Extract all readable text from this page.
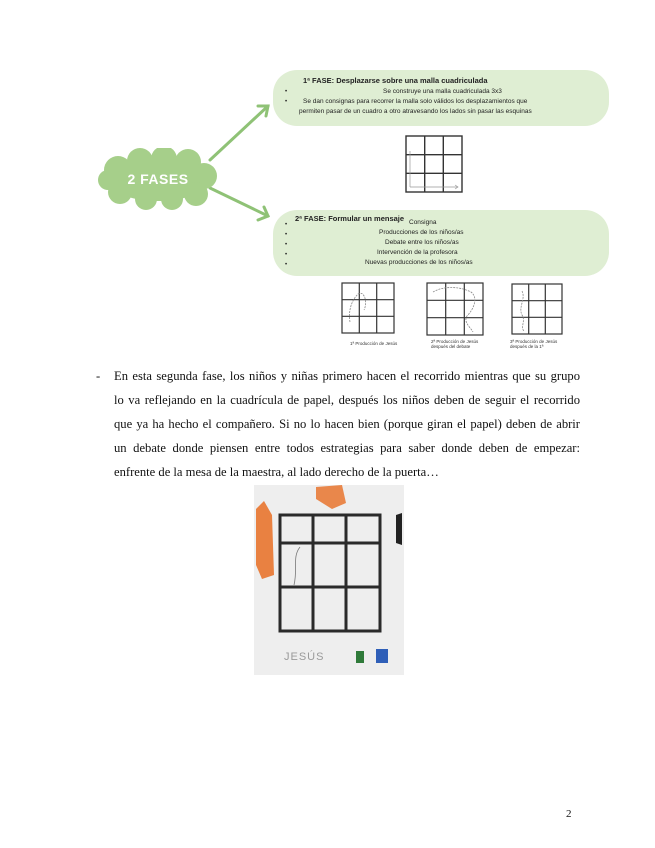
2 FASES
1ª FASE: Desplazarse sobre una malla cuadriculada
•	Se construye una malla cuadriculada 3x3
• Se dan consignas para recorrer la malla solo válidos los desplazamientos que
permiten pasar de un cuadro a otro atravesando los lados sin pasar las esquinas
2ª FASE: Formular un mensaje
•	Consigna
•	Producciones de los niños/as
•	Debate entre los niños/as
•	Intervención de la profesora
•	Nuevas producciones de los niños/as
1ª Producción de Jesús	2ª Producción de Jesús después del debate
3ª Producción de Jesús después de la 1ª
- En esta segunda fase, los niños y niñas primero hacen el recorrido mientras que su grupo
lo va reflejando en la cuadrícula de papel, después los niños deben de seguir el recorrido
que ya ha hecho el compañero. Si no lo hacen bien (porque giran el papel) deben de abrir
un debate donde piensen entre todos estrategias para saber donde deben de empezar:
enfrente de la mesa de la maestra, al lado derecho de la puerta…
JESÚS
2
